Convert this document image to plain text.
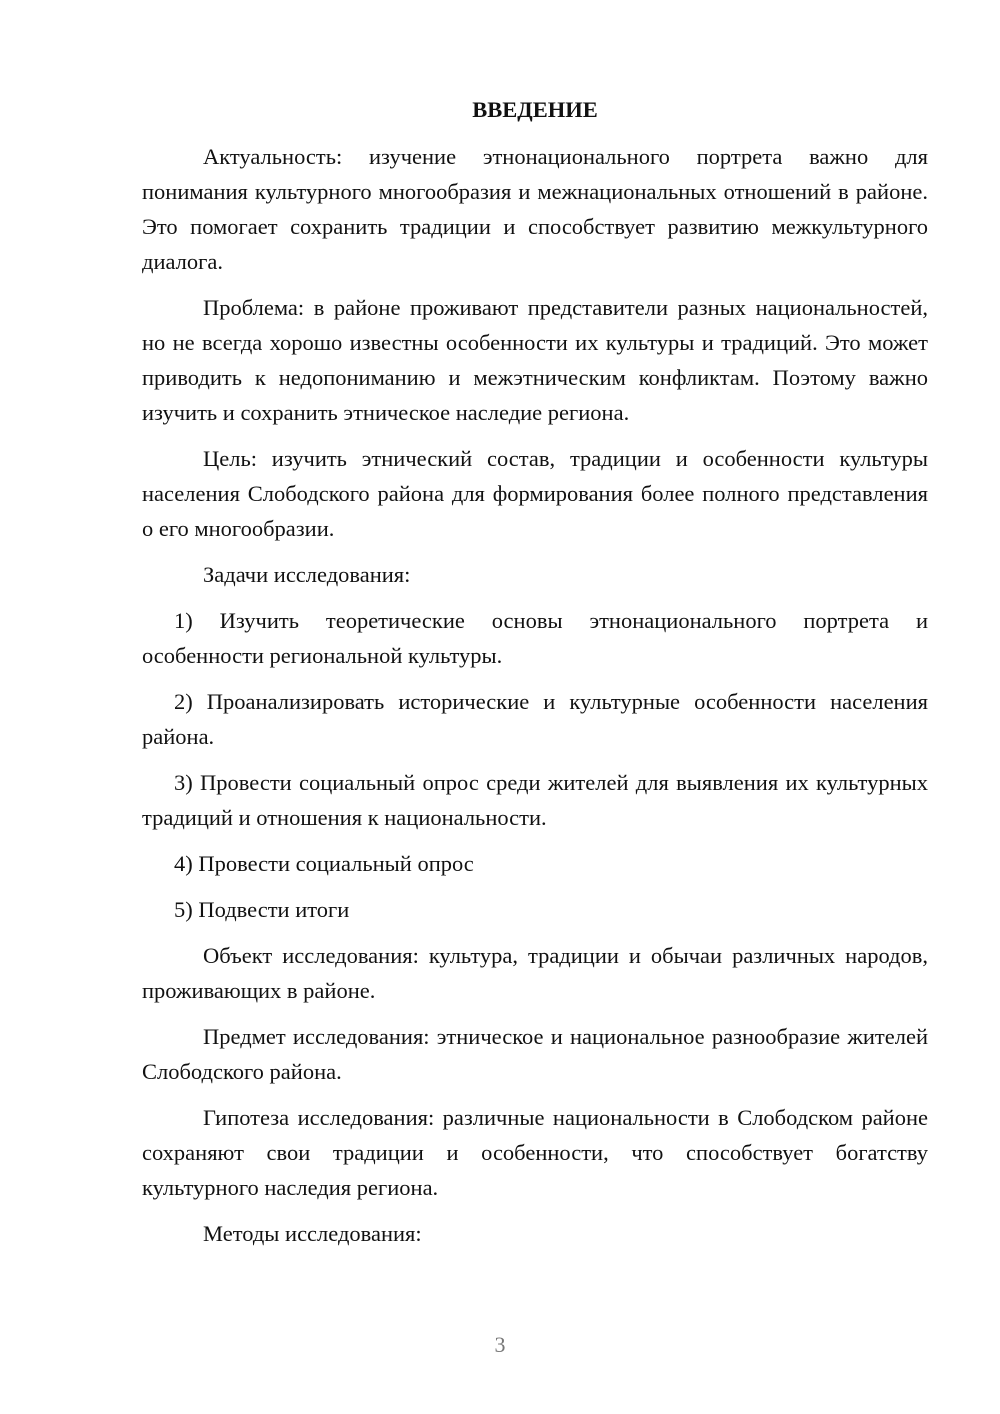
ВВЕДЕНИЕ

Актуальность: изучение этнонационального портрета важно для понимания культурного многообразия и межнациональных отношений в районе. Это помогает сохранить традиции и способствует развитию межкультурного диалога.

Проблема: в районе проживают представители разных национальностей, но не всегда хорошо известны особенности их культуры и традиций. Это может приводить к недопониманию и межэтническим конфликтам. Поэтому важно изучить и сохранить этническое наследие региона.

Цель: изучить этнический состав, традиции и особенности культуры населения Слободского района для формирования более полного представления о его многообразии.

Задачи исследования:

1) Изучить теоретические основы этнонационального портрета и особенности региональной культуры.

2) Проанализировать исторические и культурные особенности населения района.

3) Провести социальный опрос среди жителей для выявления их культурных традиций и отношения к национальности.

4) Провести социальный опрос

5) Подвести итоги

Объект исследования: культура, традиции и обычаи различных народов, проживающих в районе.

Предмет исследования: этническое и национальное разнообразие жителей Слободского района.

Гипотеза исследования: различные национальности в Слободском районе сохраняют свои традиции и особенности, что способствует богатству культурного наследия региона.

Методы исследования:

3
